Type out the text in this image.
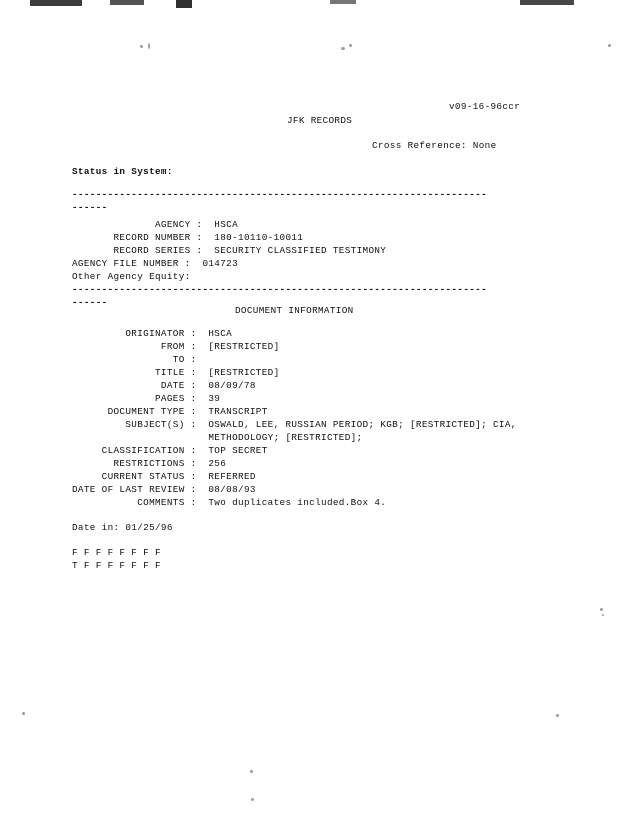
v09-16-96ccr
JFK RECORDS
Cross Reference: None
Status in System:
----------------------------------------------------------------------
------
AGENCY :  HSCA
RECORD NUMBER :  180-10110-10011
RECORD SERIES :  SECURITY CLASSIFIED TESTIMONY
AGENCY FILE NUMBER :  014723
Other Agency Equity:
----------------------------------------------------------------------
------
DOCUMENT INFORMATION
ORIGINATOR :  HSCA
FROM :  [RESTRICTED]
TO :
TITLE :  [RESTRICTED]
DATE :  08/09/78
PAGES :  39
DOCUMENT TYPE :  TRANSCRIPT
SUBJECT(S) :  OSWALD, LEE, RUSSIAN PERIOD; KGB; [RESTRICTED]; CIA,
METHODOLOGY; [RESTRICTED];
CLASSIFICATION :  TOP SECRET
RESTRICTIONS :  256
CURRENT STATUS :  REFERRED
DATE OF LAST REVIEW :  08/08/93
COMMENTS :  Two duplicates included.Box 4.
Date in: 01/25/96
F F F F F F F F
T F F F F F F F
